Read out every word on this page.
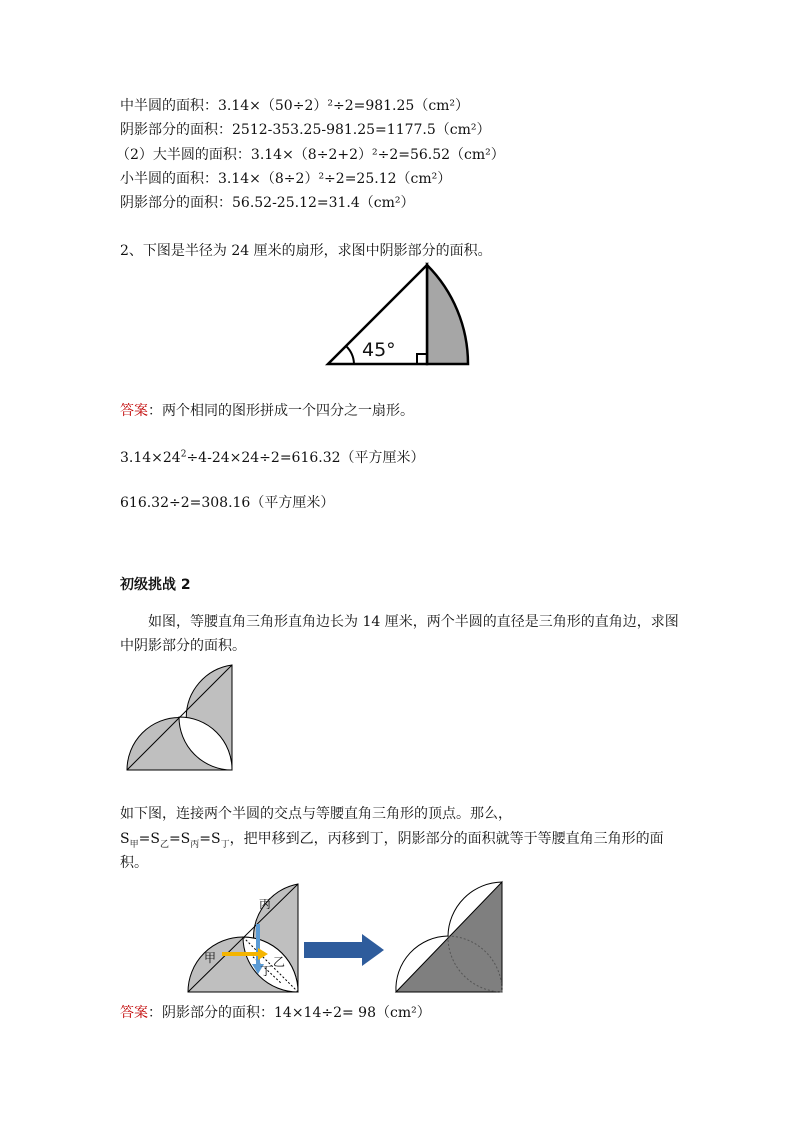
中半圆的面积：3.14×（50÷2）²÷2=981.25（cm²）
阴影部分的面积：2512-353.25-981.25=1177.5（cm²）
（2）大半圆的面积：3.14×（8÷2+2）²÷2=56.52（cm²）
小半圆的面积：3.14×（8÷2）²÷2=25.12（cm²）
阴影部分的面积：56.52-25.12=31.4（cm²）
2、下图是半径为 24 厘米的扇形，求图中阴影部分的面积。
45°
答案：两个相同的图形拼成一个四分之一扇形。
$3.14\times 24^2\div 4-24\times 24\div 2=616.32$（平方厘米）
616.32÷2=308.16（平方厘米）
初级挑战 2
如图，等腰直角三角形直角边长为 14 厘米，两个半圆的直径是三角形的直角边，求图中阴影部分的面积。
如下图，连接两个半圆的交点与等腰直角三角形的顶点。那么，
$S_甲=S_乙=S_丙=S_丁$，把甲移到乙，丙移到丁，阴影部分的面积就等于等腰直角三角形的面积。
丙
甲	乙
丁
答案：阴影部分的面积：14×14÷2= 98（cm²）
